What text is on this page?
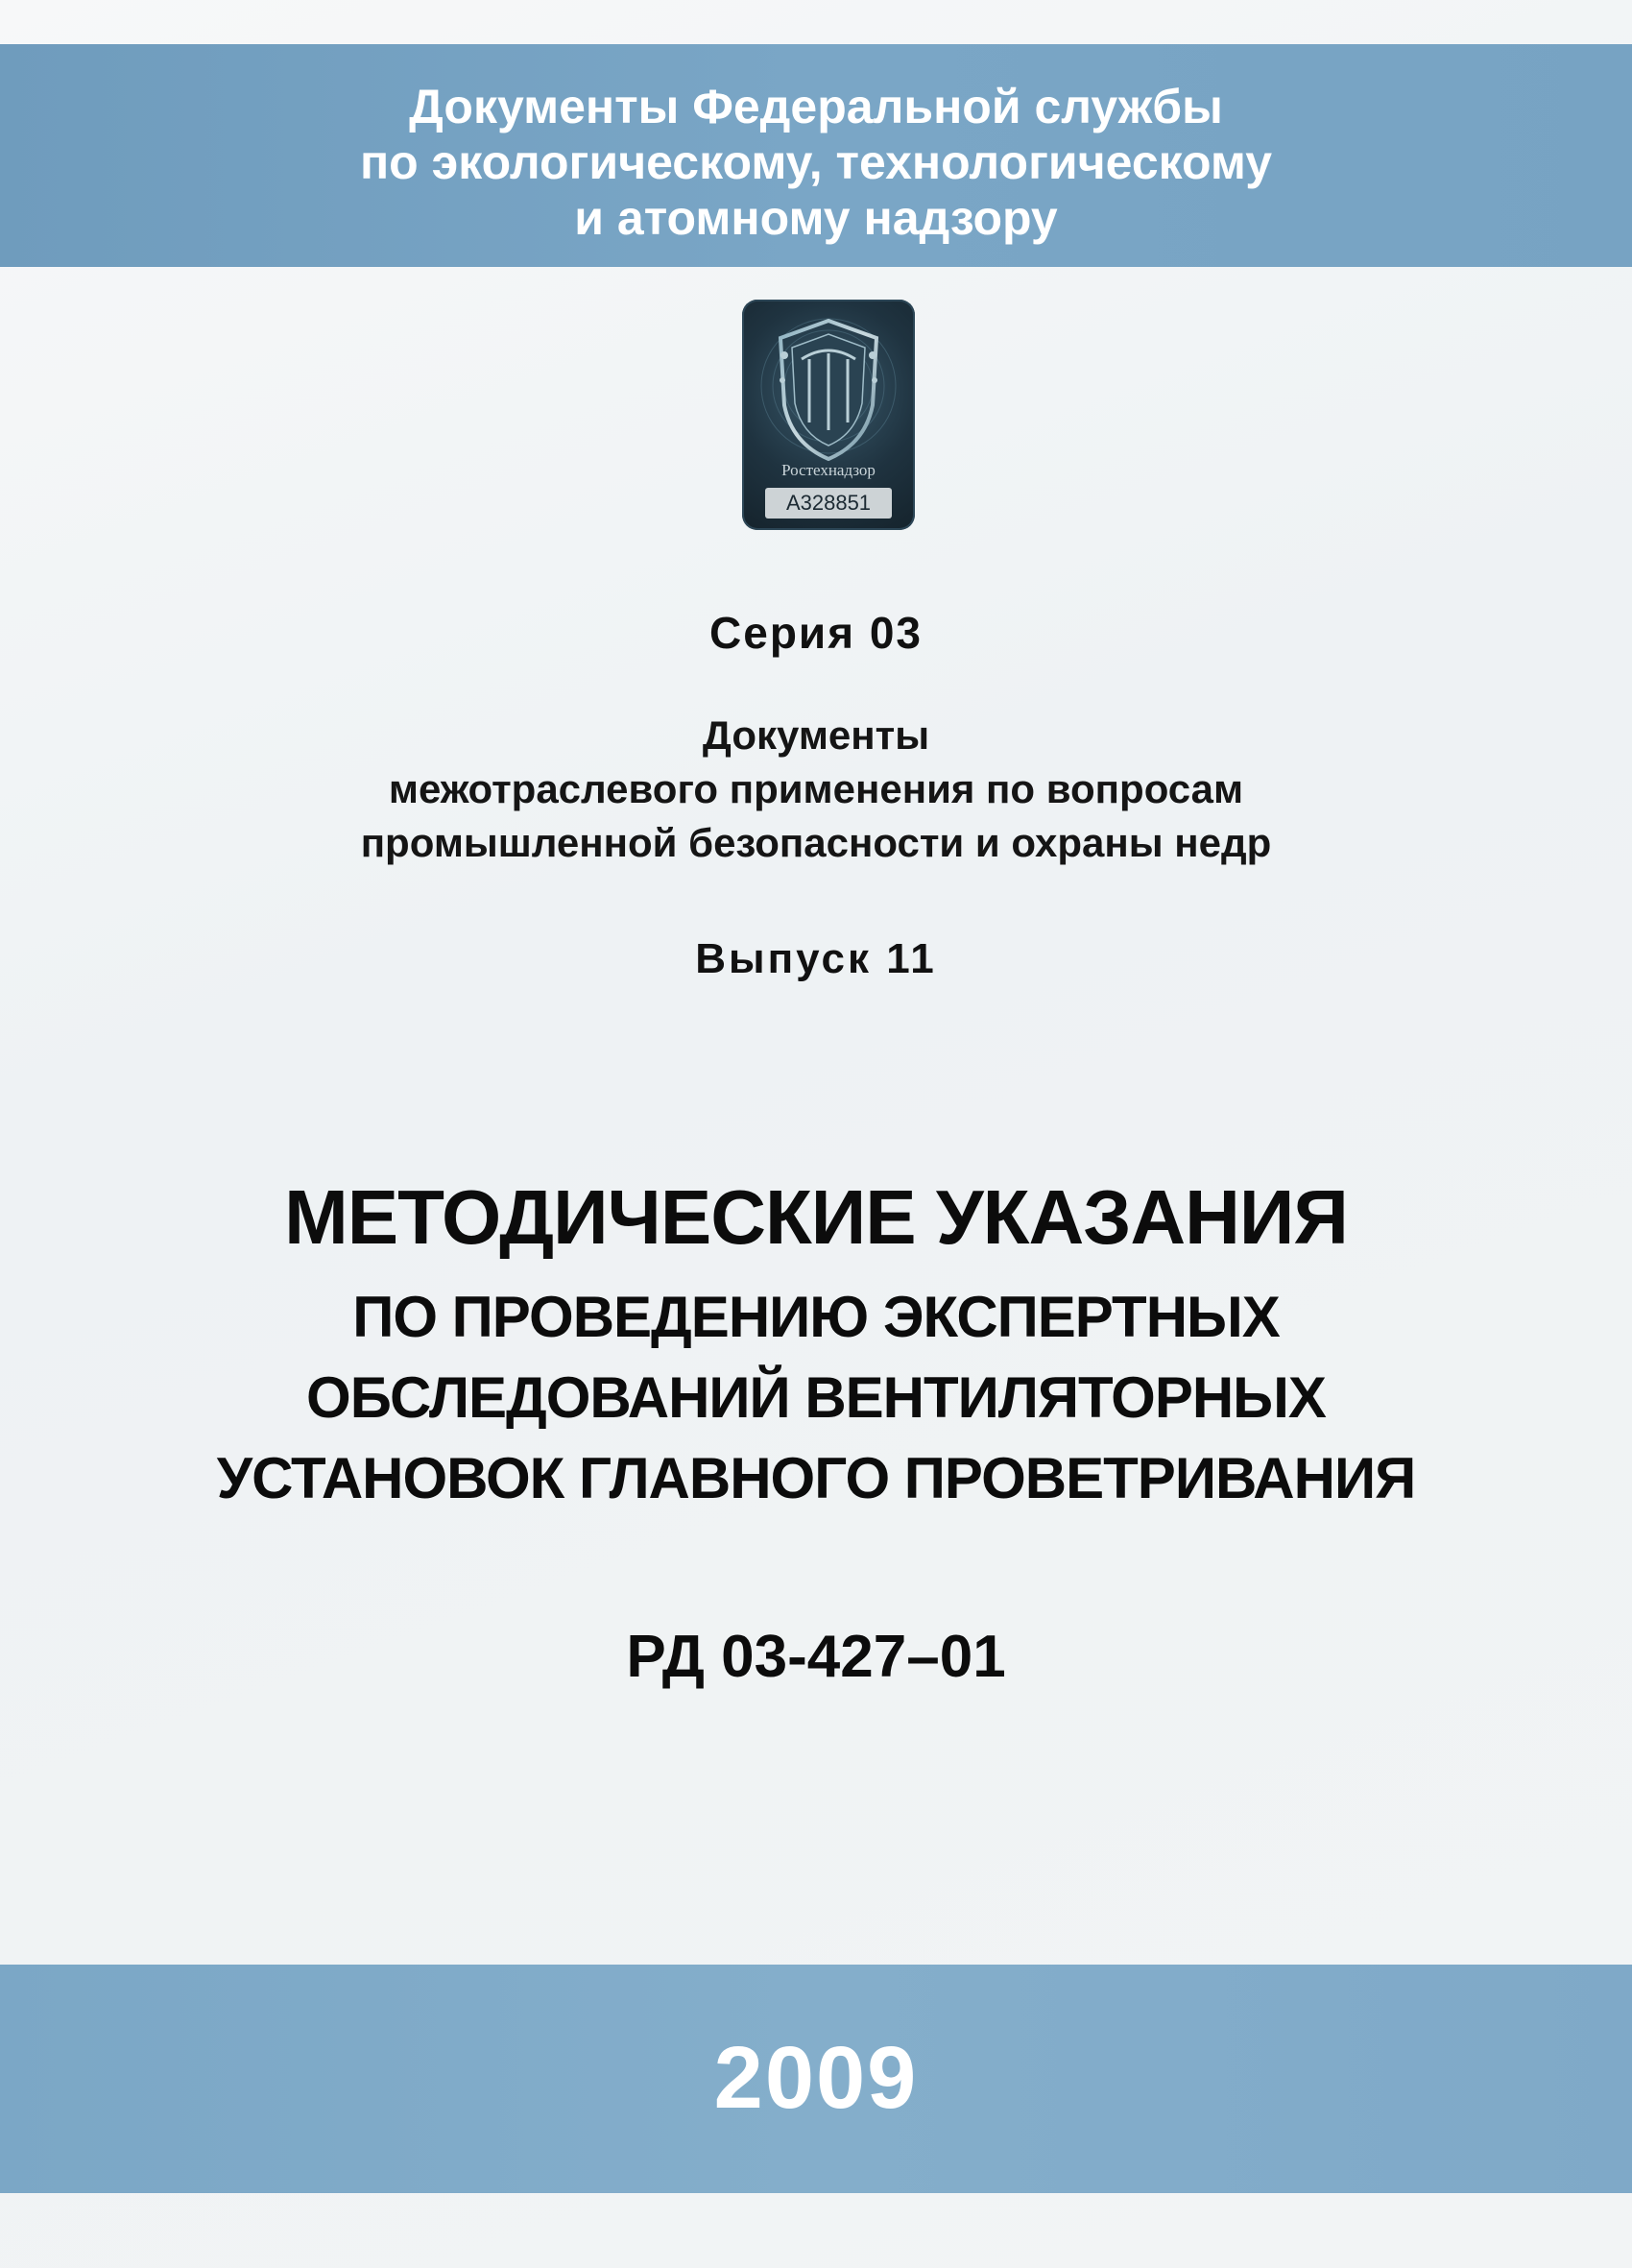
Документы Федеральной службы
по экологическому, технологическому
и атомному надзору
Ростехнадзор
A328851
Серия 03
Документы
межотраслевого применения по вопросам
промышленной безопасности и охраны недр
Выпуск 11
МЕТОДИЧЕСКИЕ УКАЗАНИЯ
ПО ПРОВЕДЕНИЮ ЭКСПЕРТНЫХ
ОБСЛЕДОВАНИЙ ВЕНТИЛЯТОРНЫХ
УСТАНОВОК ГЛАВНОГО ПРОВЕТРИВАНИЯ
РД 03-427–01
2009
